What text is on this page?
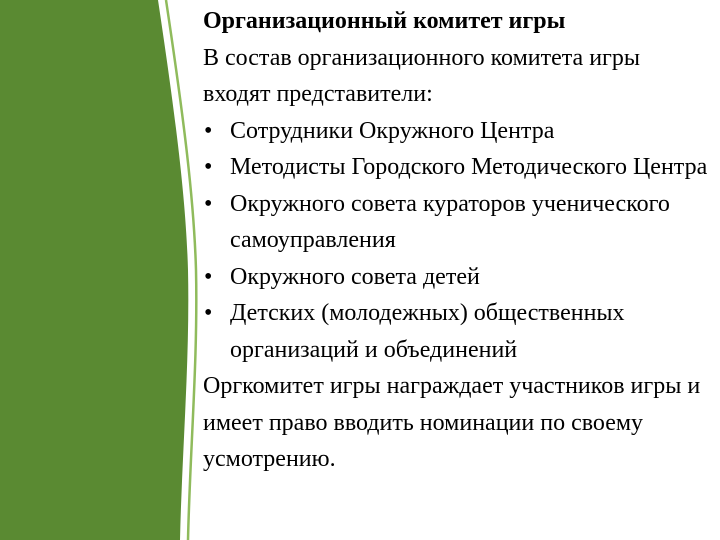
Организационный комитет игры

В состав организационного комитета игры входят представители:

• Сотрудники Окружного Центра
• Методисты Городского Методического Центра
• Окружного совета кураторов ученического самоуправления
• Окружного совета детей
• Детских (молодежных) общественных организаций и объединений

Оргкомитет игры награждает участников игры и имеет право вводить номинации по своему усмотрению.
